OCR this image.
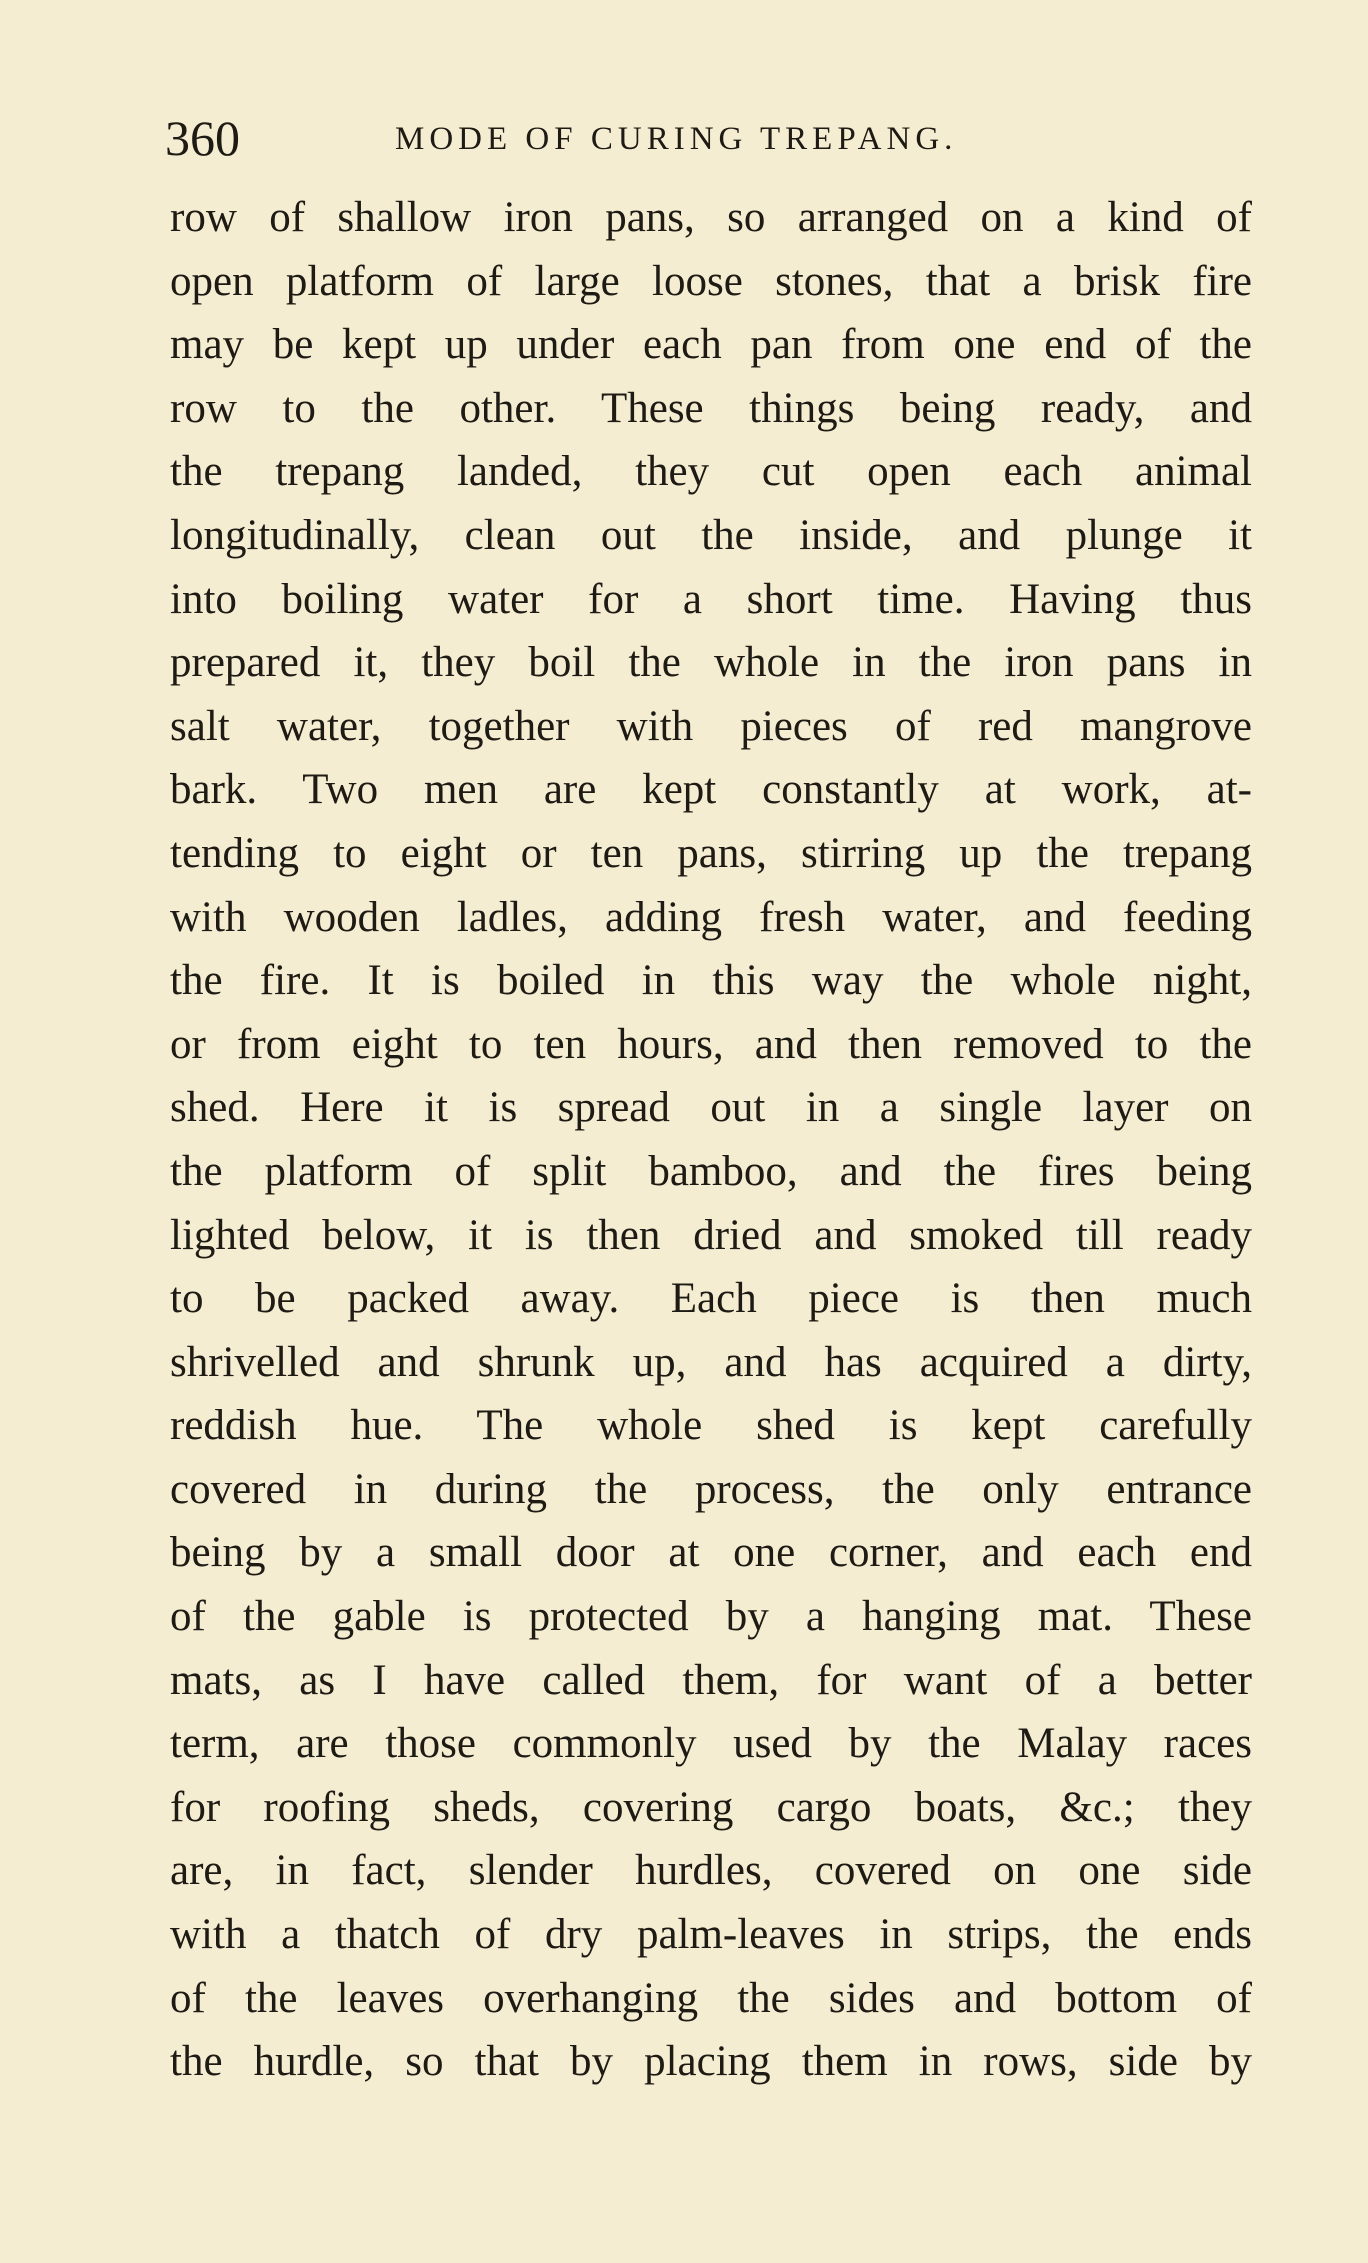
360	MODE OF CURING TREPANG.
row of shallow iron pans, so arranged on a kind of
open platform of large loose stones, that a brisk fire
may be kept up under each pan from one end of the
row to the other. These things being ready, and
the trepang landed, they cut open each animal
longitudinally, clean out the inside, and plunge it
into boiling water for a short time. Having thus
prepared it, they boil the whole in the iron pans in
salt water, together with pieces of red mangrove
bark. Two men are kept constantly at work, at-
tending to eight or ten pans, stirring up the trepang
with wooden ladles, adding fresh water, and feeding
the fire. It is boiled in this way the whole night,
or from eight to ten hours, and then removed to the
shed. Here it is spread out in a single layer on
the platform of split bamboo, and the fires being
lighted below, it is then dried and smoked till ready
to be packed away. Each piece is then much
shrivelled and shrunk up, and has acquired a dirty,
reddish hue. The whole shed is kept carefully
covered in during the process, the only entrance
being by a small door at one corner, and each end
of the gable is protected by a hanging mat. These
mats, as I have called them, for want of a better
term, are those commonly used by the Malay races
for roofing sheds, covering cargo boats, &c.; they
are, in fact, slender hurdles, covered on one side
with a thatch of dry palm-leaves in strips, the ends
of the leaves overhanging the sides and bottom of
the hurdle, so that by placing them in rows, side by
